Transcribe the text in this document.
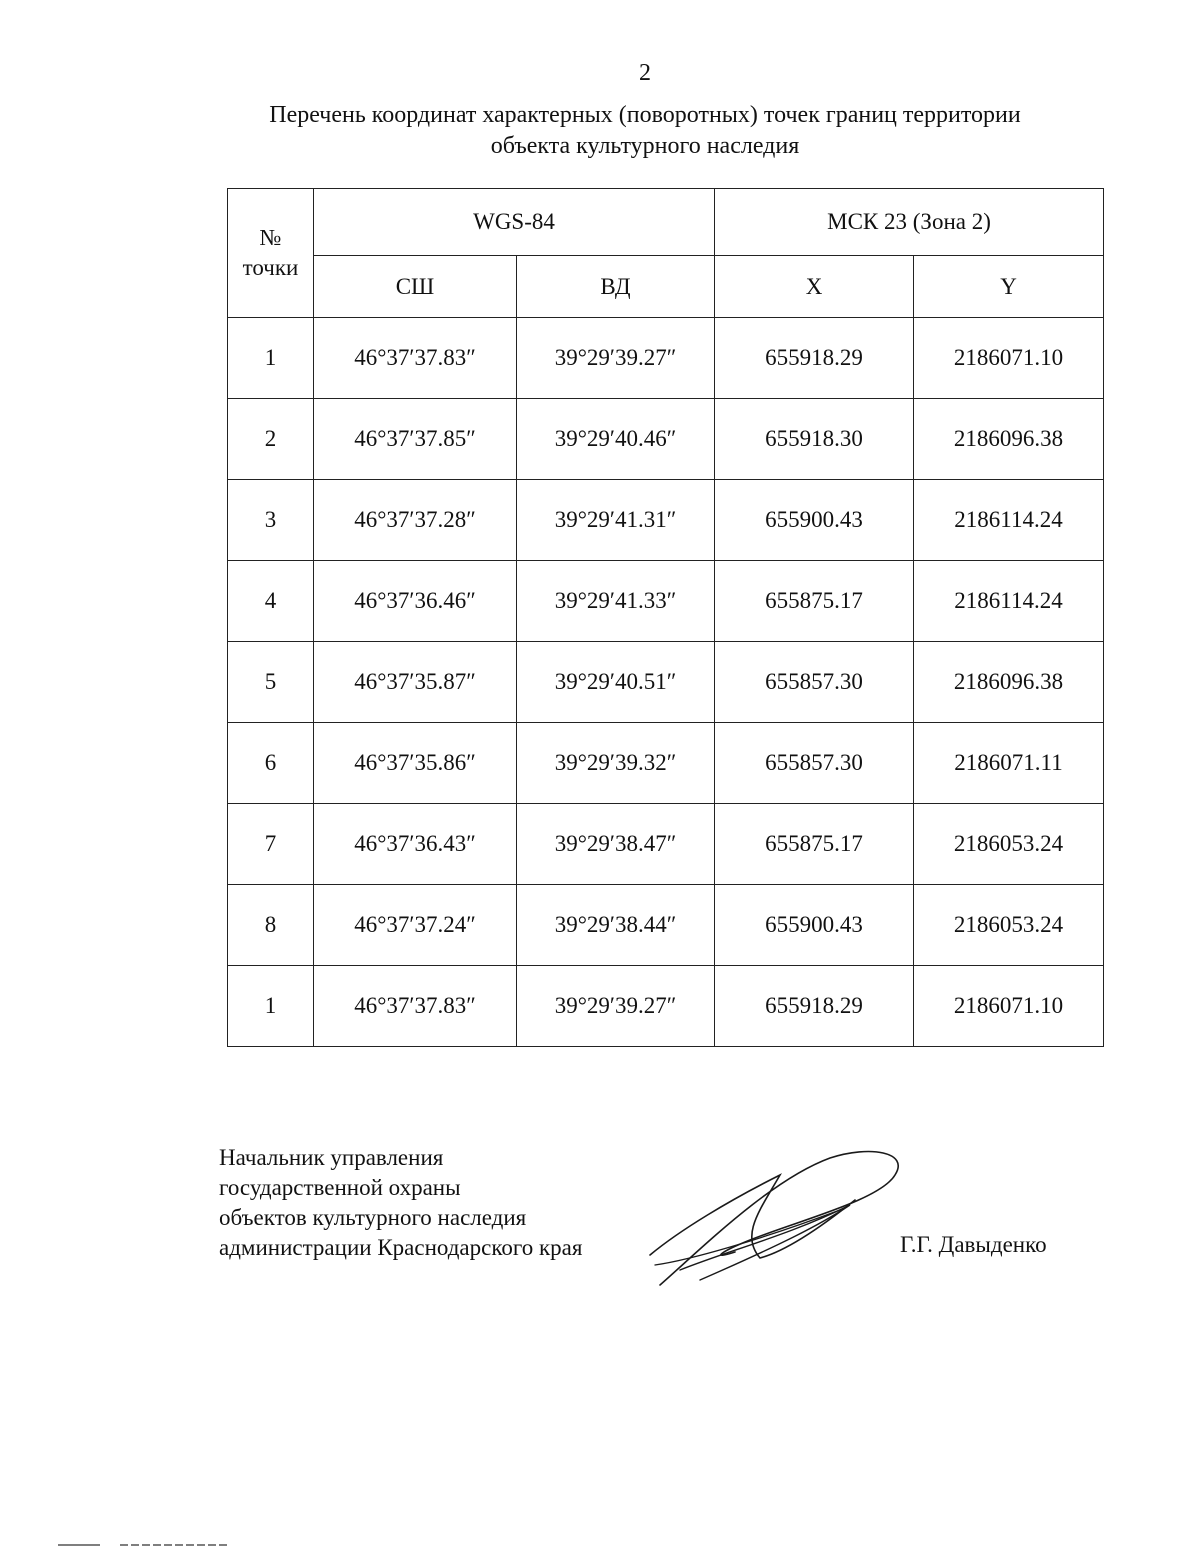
2
Перечень координат характерных (поворотных) точек границ территории
объекта культурного наследия
№
точки	WGS-84		МСК 23 (Зона 2)	
	СШ	ВД	X	Y
1	46°37′37.83″	39°29′39.27″	655918.29	2186071.10
2	46°37′37.85″	39°29′40.46″	655918.30	2186096.38
3	46°37′37.28″	39°29′41.31″	655900.43	2186114.24
4	46°37′36.46″	39°29′41.33″	655875.17	2186114.24
5	46°37′35.87″	39°29′40.51″	655857.30	2186096.38
6	46°37′35.86″	39°29′39.32″	655857.30	2186071.11
7	46°37′36.43″	39°29′38.47″	655875.17	2186053.24
8	46°37′37.24″	39°29′38.44″	655900.43	2186053.24
1	46°37′37.83″	39°29′39.27″	655918.29	2186071.10
Начальник управления
государственной охраны
объектов культурного наследия
администрации Краснодарского края	Г.Г. Давыденко
